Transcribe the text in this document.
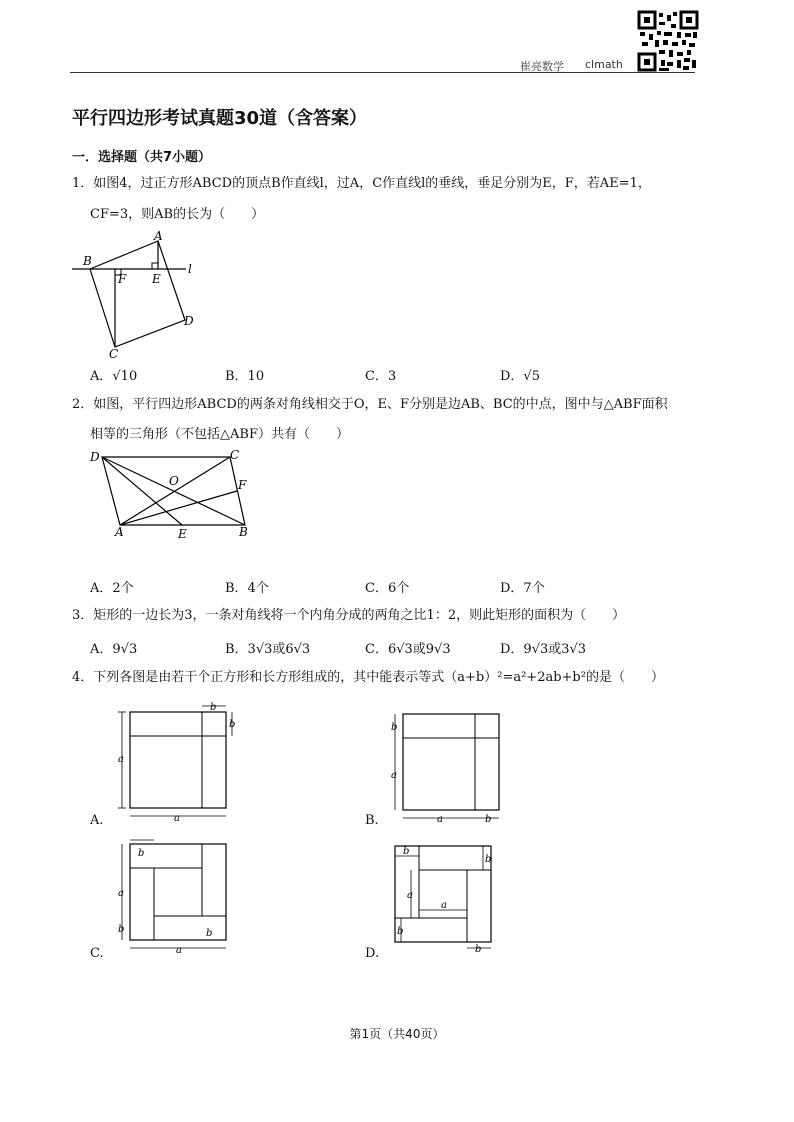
崔亮数学 clmath
平行四边形考试真题30道（含答案）
一．选择题（共7小题）
1．如图4，过正方形ABCD的顶点B作直线l，过A，C作直线l的垂线，垂足分别为E，F，若AE=1，
CF=3，则AB的长为（　　）
A
B
C
D
E
F
l
A．√10	B．10	C．3	D．√5
2．如图，平行四边形ABCD的两条对角线相交于O，E、F分别是边AB、BC的中点，图中与△ABF面积
相等的三角形（不包括△ABF）共有（　　）
D	C
B
A	E
F
O
A．2个	B．4个	C．6个	D．7个
3．矩形的一边长为3，一条对角线将一个内角分成的两角之比1：2，则此矩形的面积为（　　）
A．9√3	B．3√3或6√3	C．6√3或9√3	D．9√3或3√3
4．下列各图是由若干个正方形和长方形组成的，其中能表示等式（a+b）²=a²+2ab+b²的是（　　）
a
a
b
b
A.
b
a
a	b
B.
a
b
b
a
b
C.
b
a
a
b
b
b
D.
第1页（共40页）
